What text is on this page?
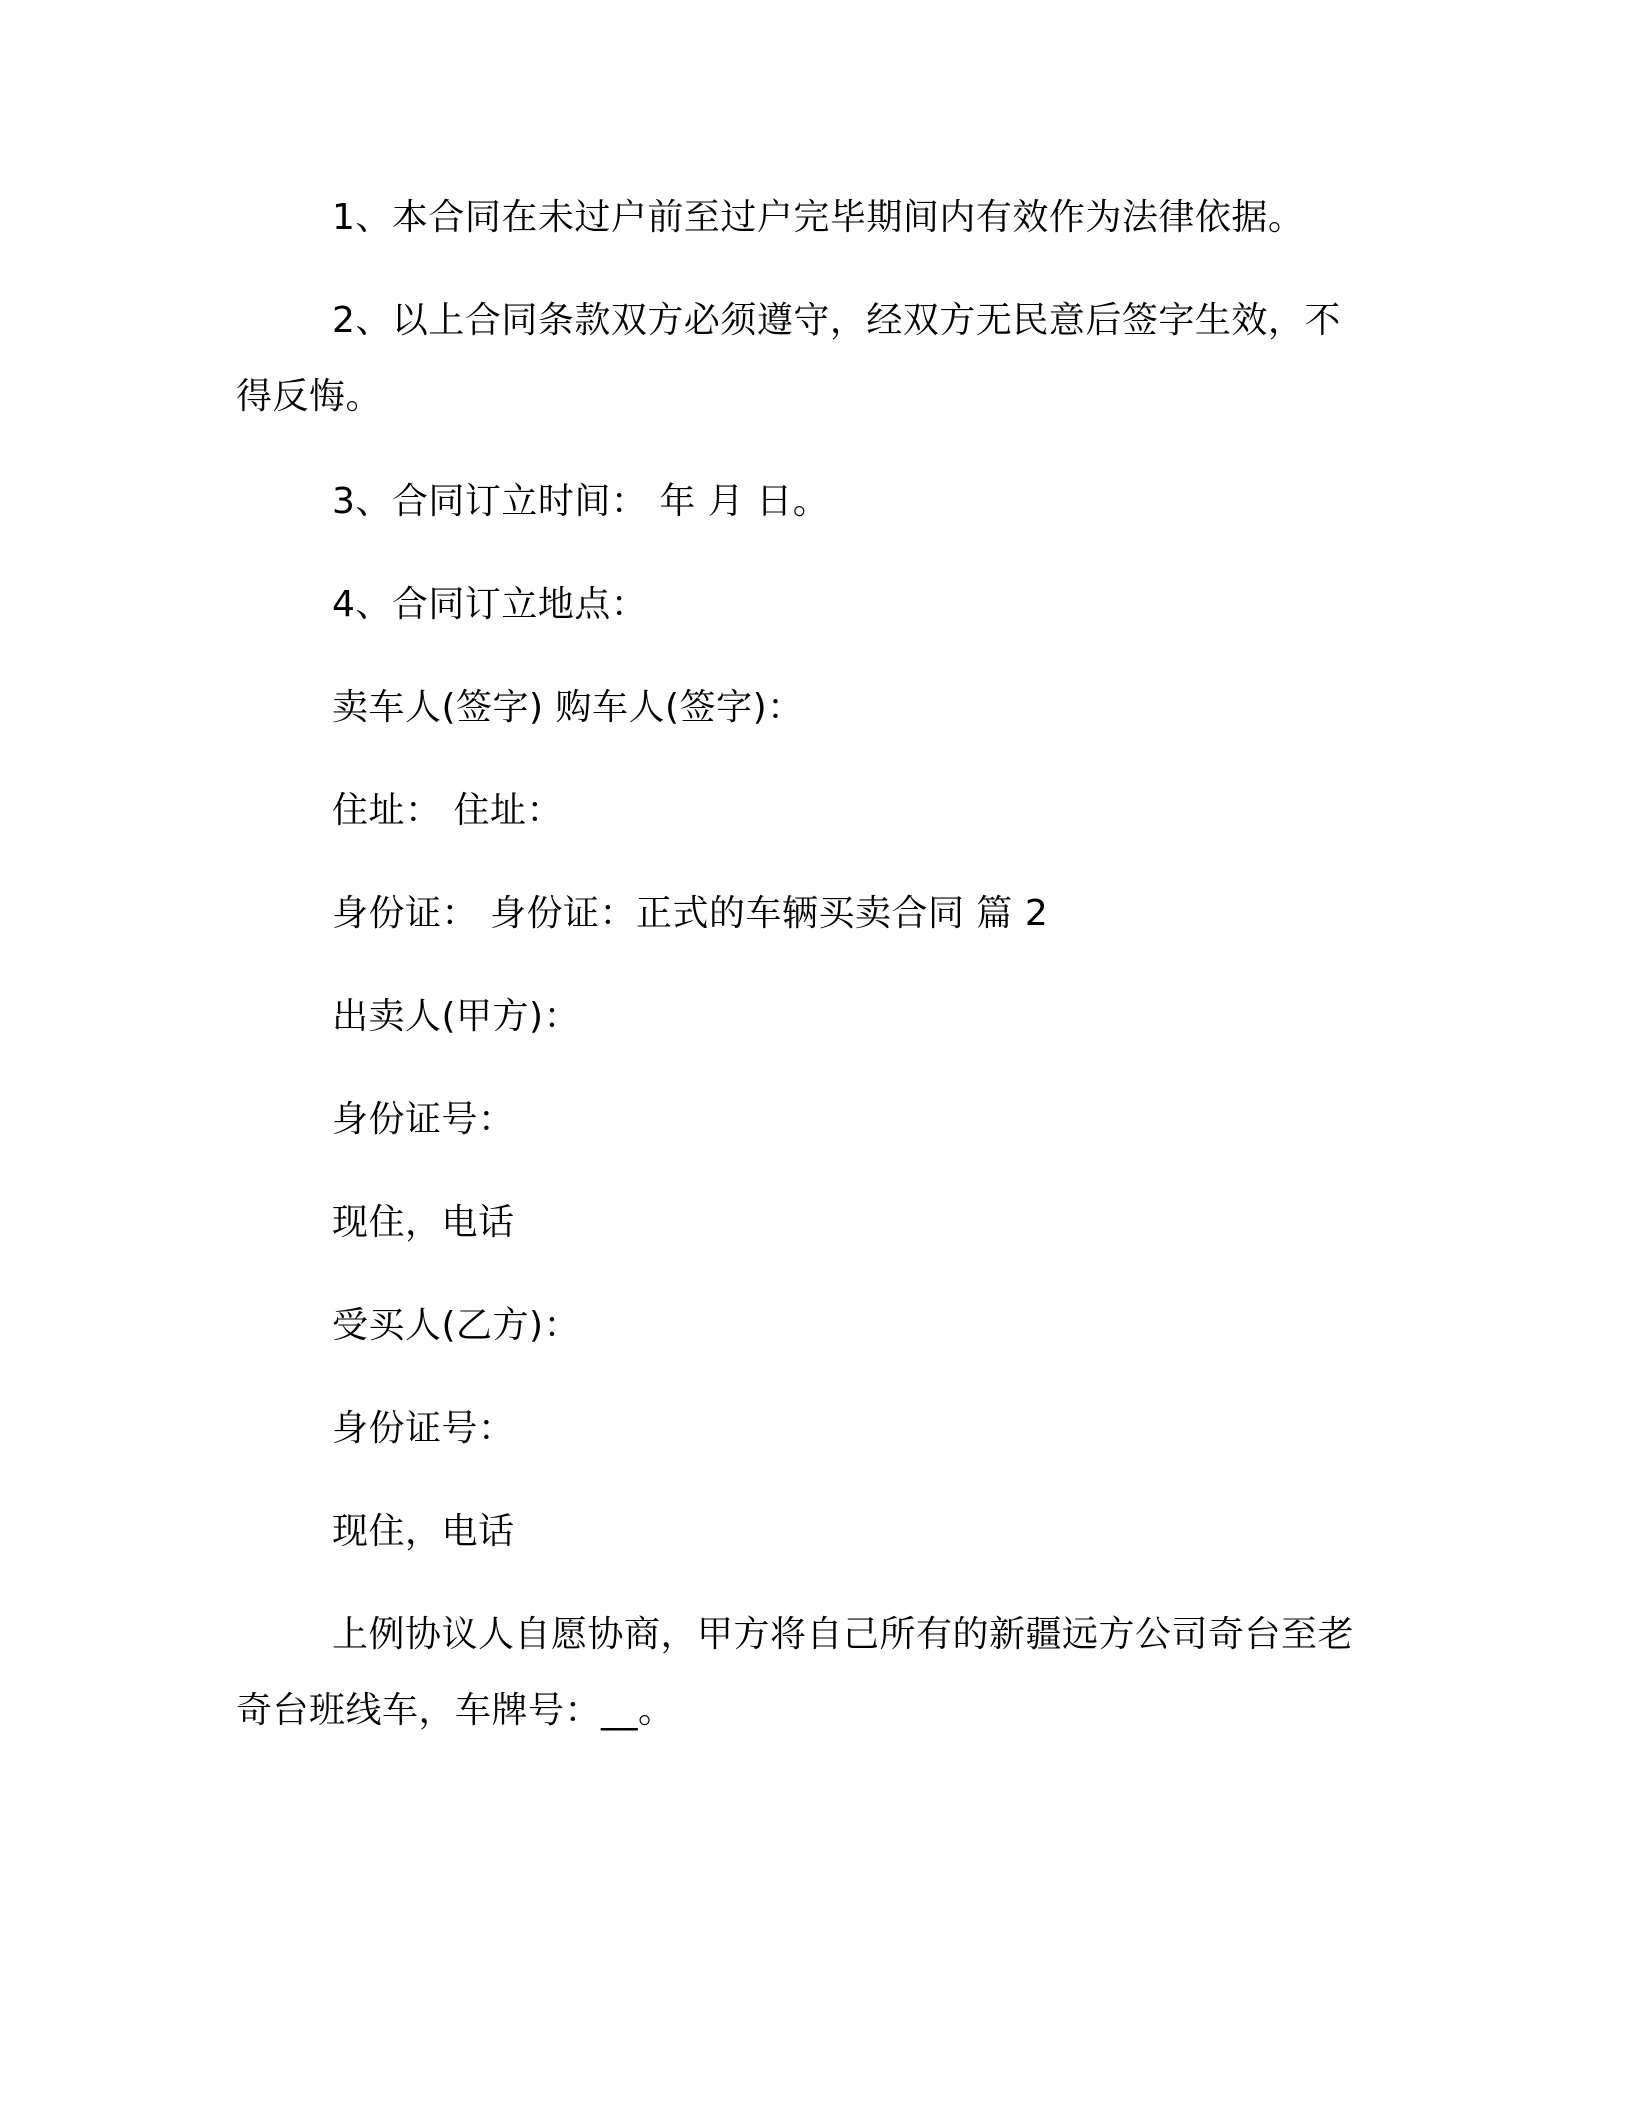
1、本合同在未过户前至过户完毕期间内有效作为法律依据。

2、以上合同条款双方必须遵守，经双方无民意后签字生效，不得反悔。

3、合同订立时间： 年 月 日。

4、合同订立地点：

卖车人(签字) 购车人(签字)：

住址： 住址：

身份证： 身份证：正式的车辆买卖合同 篇 2

出卖人(甲方)：

身份证号：

现住，电话

受买人(乙方)：

身份证号：

现住，电话

上例协议人自愿协商，甲方将自己所有的新疆远方公司奇台至老奇台班线车，车牌号：__。
